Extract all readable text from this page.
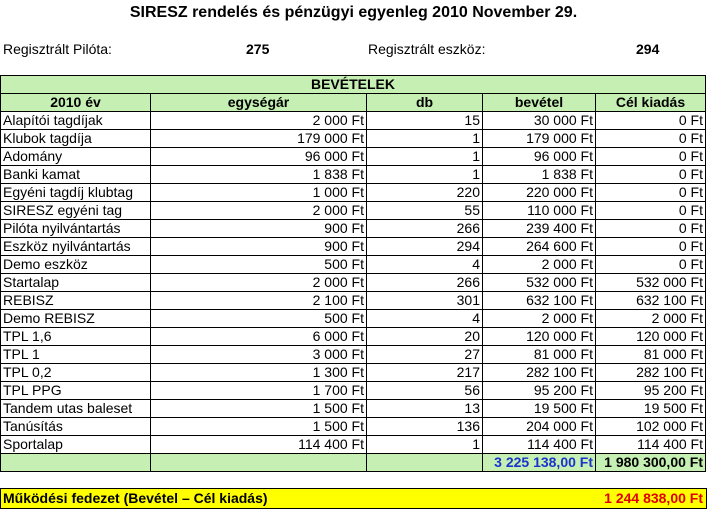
SIRESZ rendelés és pénzügyi egyenleg 2010 November 29.
Regisztrált Pilóta:	275	Regisztrált eszköz:	294
BEVÉTELEK				
2010 év	egységár	db	bevétel	Cél kiadás
Alapítói tagdíjak	2 000 Ft	15	30 000 Ft	0 Ft
Klubok tagdíja	179 000 Ft	1	179 000 Ft	0 Ft
Adomány	96 000 Ft	1	96 000 Ft	0 Ft
Banki kamat	1 838 Ft	1	1 838 Ft	0 Ft
Egyéni tagdíj klubtag	1 000 Ft	220	220 000 Ft	0 Ft
SIRESZ egyéni tag	2 000 Ft	55	110 000 Ft	0 Ft
Pilóta nyilvántartás	900 Ft	266	239 400 Ft	0 Ft
Eszköz nyilvántartás	900 Ft	294	264 600 Ft	0 Ft
Demo eszköz	500 Ft	4	2 000 Ft	0 Ft
Startalap	2 000 Ft	266	532 000 Ft	532 000 Ft
REBISZ	2 100 Ft	301	632 100 Ft	632 100 Ft
Demo REBISZ	500 Ft	4	2 000 Ft	2 000 Ft
TPL 1,6	6 000 Ft	20	120 000 Ft	120 000 Ft
TPL 1	3 000 Ft	27	81 000 Ft	81 000 Ft
TPL 0,2	1 300 Ft	217	282 100 Ft	282 100 Ft
TPL PPG	1 700 Ft	56	95 200 Ft	95 200 Ft
Tandem utas baleset	1 500 Ft	13	19 500 Ft	19 500 Ft
Tanúsítás	1 500 Ft	136	204 000 Ft	102 000 Ft
Sportalap	114 400 Ft	1	114 400 Ft	114 400 Ft
			3 225 138,00 Ft	1 980 300,00 Ft
Működési fedezet (Bevétel – Cél kiadás)	1 244 838,00 Ft
